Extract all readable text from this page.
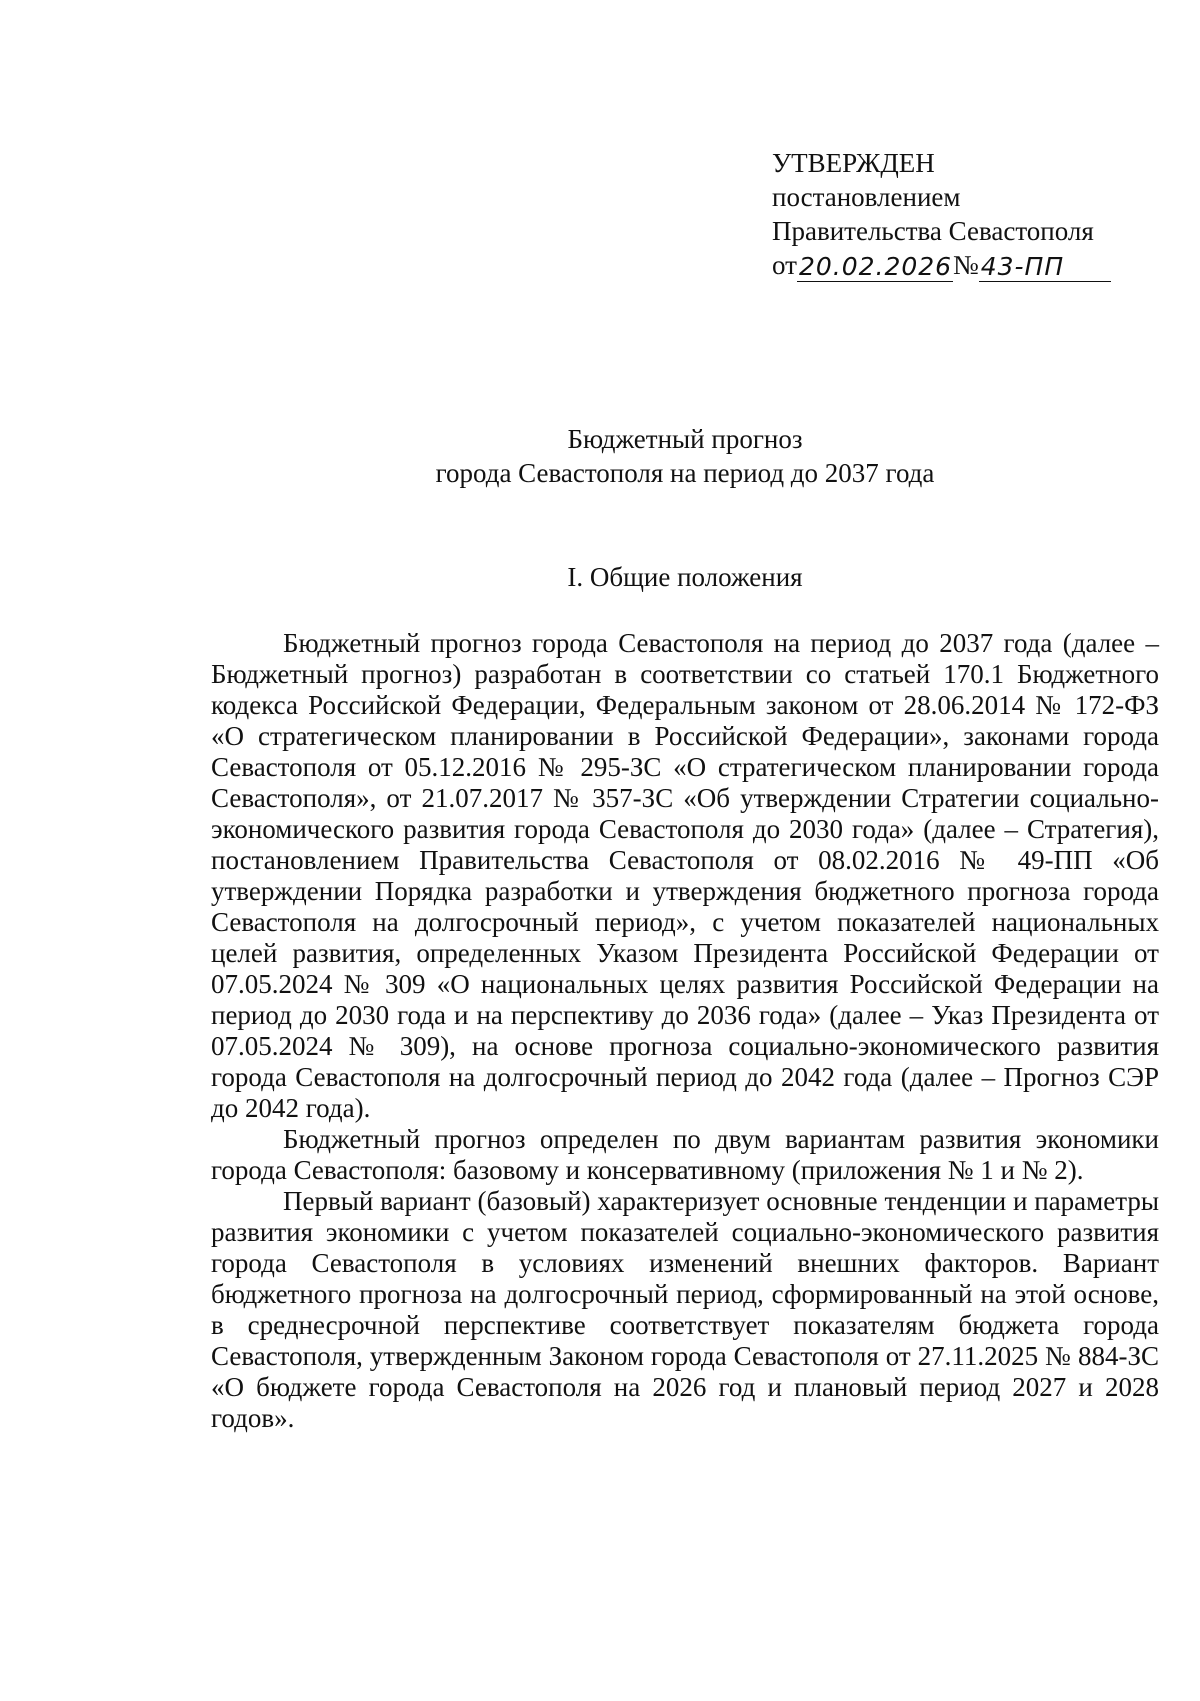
УТВЕРЖДЕН
постановлением
Правительства Севастополя
от 20.02.2026 № 43-ПП
Бюджетный прогноз
города Севастополя на период до 2037 года
I. Общие положения

Бюджетный прогноз города Севастополя на период до 2037 года (далее – Бюджетный прогноз) разработан в соответствии со статьей 170.1 Бюджетного кодекса Российской Федерации, Федеральным законом от 28.06.2014 № 172-ФЗ «О стратегическом планировании в Российской Федерации», законами города Севастополя от 05.12.2016 № 295-ЗС «О стратегическом планировании города Севастополя», от 21.07.2017 № 357-ЗС «Об утверждении Стратегии социально-экономического развития города Севастополя до 2030 года» (далее – Стратегия), постановлением Правительства Севастополя от 08.02.2016 № 49-ПП «Об утверждении Порядка разработки и утверждения бюджетного прогноза города Севастополя на долгосрочный период», с учетом показателей национальных целей развития, определенных Указом Президента Российской Федерации от 07.05.2024 № 309 «О национальных целях развития Российской Федерации на период до 2030 года и на перспективу до 2036 года» (далее – Указ Президента от 07.05.2024 № 309), на основе прогноза социально-экономического развития города Севастополя на долгосрочный период до 2042 года (далее – Прогноз СЭР до 2042 года).

Бюджетный прогноз определен по двум вариантам развития экономики города Севастополя: базовому и консервативному (приложения № 1 и № 2).

Первый вариант (базовый) характеризует основные тенденции и параметры развития экономики с учетом показателей социально-экономического развития города Севастополя в условиях изменений внешних факторов. Вариант бюджетного прогноза на долгосрочный период, сформированный на этой основе, в среднесрочной перспективе соответствует показателям бюджета города Севастополя, утвержденным Законом города Севастополя от 27.11.2025 № 884-ЗС «О бюджете города Севастополя на 2026 год и плановый период 2027 и 2028 годов».
